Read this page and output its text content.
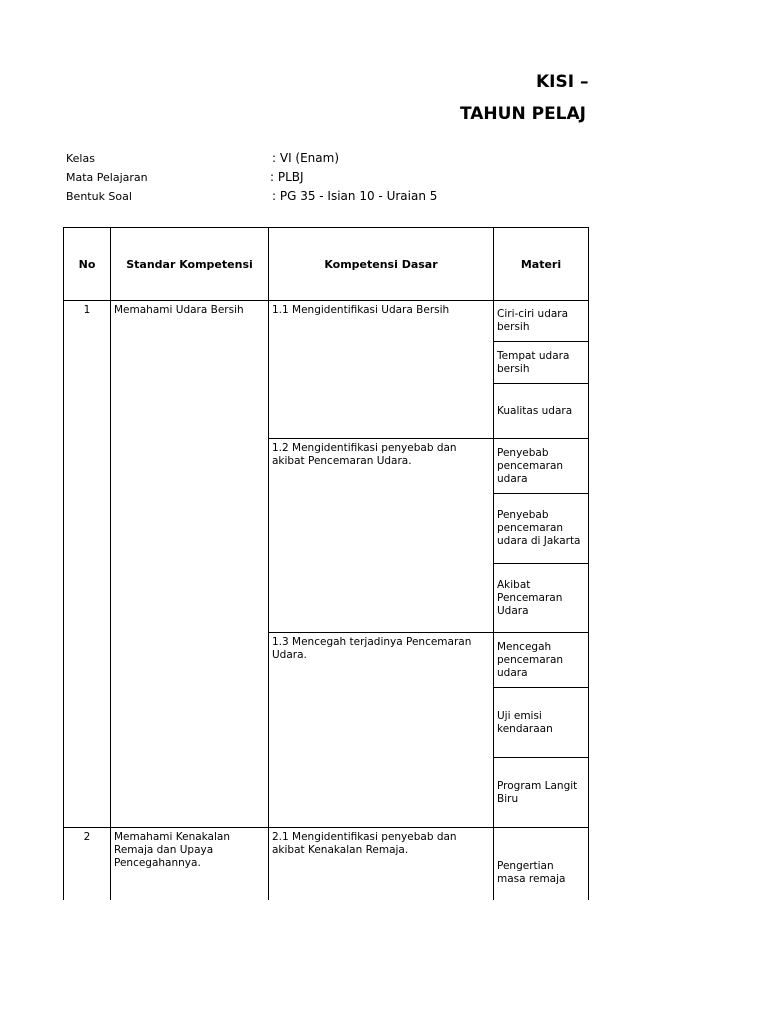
KISI –
TAHUN PELAJ
Kelas	: VI (Enam)
Mata Pelajaran	: PLBJ
Bentuk Soal	: PG 35 - Isian 10 - Uraian 5
No	Standar Kompetensi	Kompetensi Dasar	Materi
1	Memahami Udara Bersih	1.1 Mengidentifikasi Udara Bersih	Ciri-ciri udara bersih
			Tempat udara bersih
			Kualitas udara
		1.2 Mengidentifikasi penyebab dan akibat Pencemaran Udara.	Penyebab pencemaran udara
			Penyebab pencemaran udara di Jakarta
			Akibat Pencemaran Udara
		1.3 Mencegah terjadinya Pencemaran Udara.	Mencegah pencemaran udara
			Uji emisi kendaraan
			Program Langit Biru
2	Memahami Kenakalan Remaja dan Upaya Pencegahannya.	2.1 Mengidentifikasi penyebab dan akibat Kenakalan Remaja.	Pengertian masa remaja
